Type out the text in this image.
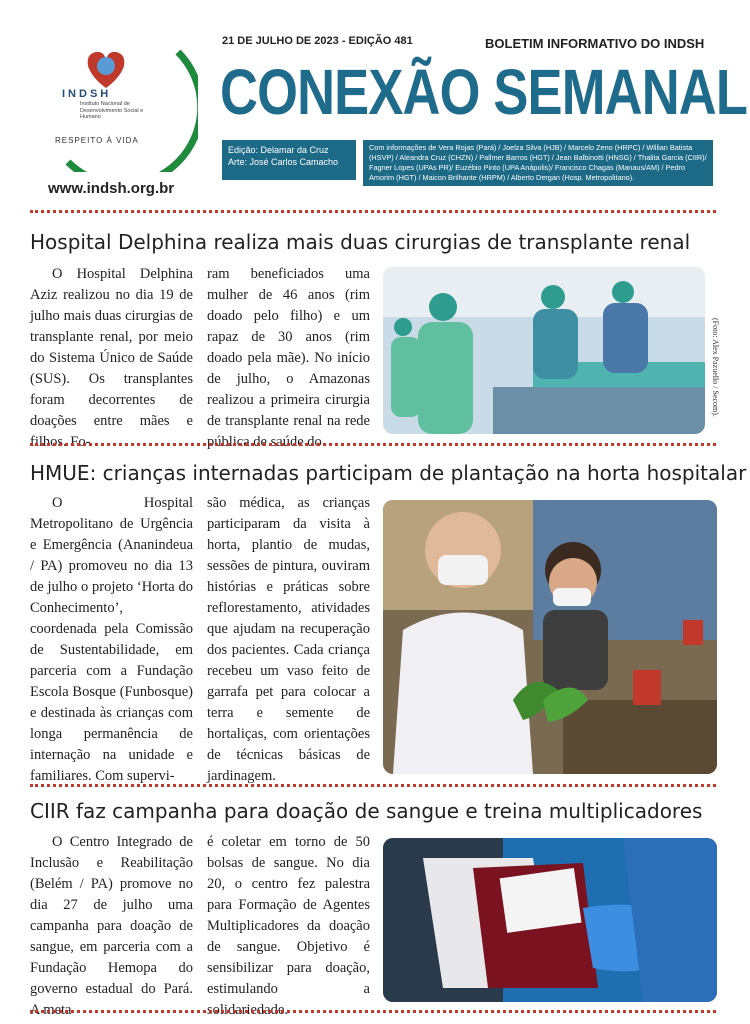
INDSH
Instituto Nacional de Desenvolvimento Social e Humano
RESPEITO À VIDA
www.indsh.org.br
21 DE JULHO DE 2023 - EDIÇÃO 481	BOLETIM INFORMATIVO DO INDSH
CONEXÃO SEMANAL
Edição: Delamar da Cruz
Arte: José Carlos Camacho
Com informações de Vera Rojas (Pará) / Joelza Silva (HJB) / Marcelo Zeno (HRPC) / Willian Batista (HSVP) / Aleandra Cruz (CHZN) / Pallmer Barros (HGT) / Jean Balbinotti (HNSG) / Thalita Garcia (CIIR)/ Fagner Lopes (UPAs PR)/ Euzébio Pinto (UPA Anápolis)/ Francisco Chagas (Manaus/AM) / Pedro Amorim (HGT) / Maicon Brilhante (HRPM) / Alberto Dergan (Hosp. Metropolitano).
Hospital Delphina realiza mais duas cirurgias de transplante renal

O Hospital Delphina Aziz realizou no dia 19 de julho mais duas cirurgias de transplante renal, por meio do Sistema Único de Saúde (SUS). Os transplantes foram decorrentes de doações entre mães e filhos. Fo-

ram beneficiados uma mulher de 46 anos (rim doado pelo filho) e um rapaz de 30 anos (rim doado pela mãe). No início de julho, o Amazonas realizou a primeira cirurgia de transplante renal na rede pública de saúde do

(Foto: Alex Pazuello / Secom).
HMUE: crianças internadas participam de plantação na horta hospitalar

O Hospital Metropolitano de Urgência e Emergência (Ananindeua / PA) promoveu no dia 13 de julho o projeto ‘Horta do Conhecimento’, coordenada pela Comissão de Sustentabilidade, em parceria com a Fundação Escola Bosque (Funbosque) e destinada às crianças com longa permanência de internação na unidade e familiares. Com supervi-

são médica, as crianças participaram da visita à horta, plantio de mudas, sessões de pintura, ouviram histórias e práticas sobre reflorestamento, atividades que ajudam na recuperação dos pacientes. Cada criança recebeu um vaso feito de garrafa pet para colocar a terra e semente de hortaliças, com orientações de técnicas básicas de jardinagem.

CIIR faz campanha para doação de sangue e treina multiplicadores

O Centro Integrado de Inclusão e Reabilitação (Belém / PA) promove no dia 27 de julho uma campanha para doação de sangue, em parceria com a Fundação Hemopa do governo estadual do Pará. A meta

é coletar em torno de 50 bolsas de sangue. No dia 20, o centro fez palestra para Formação de Agentes Multiplicadores da doação de sangue. Objetivo é sensibilizar para doação, estimulando a solidariedade.
